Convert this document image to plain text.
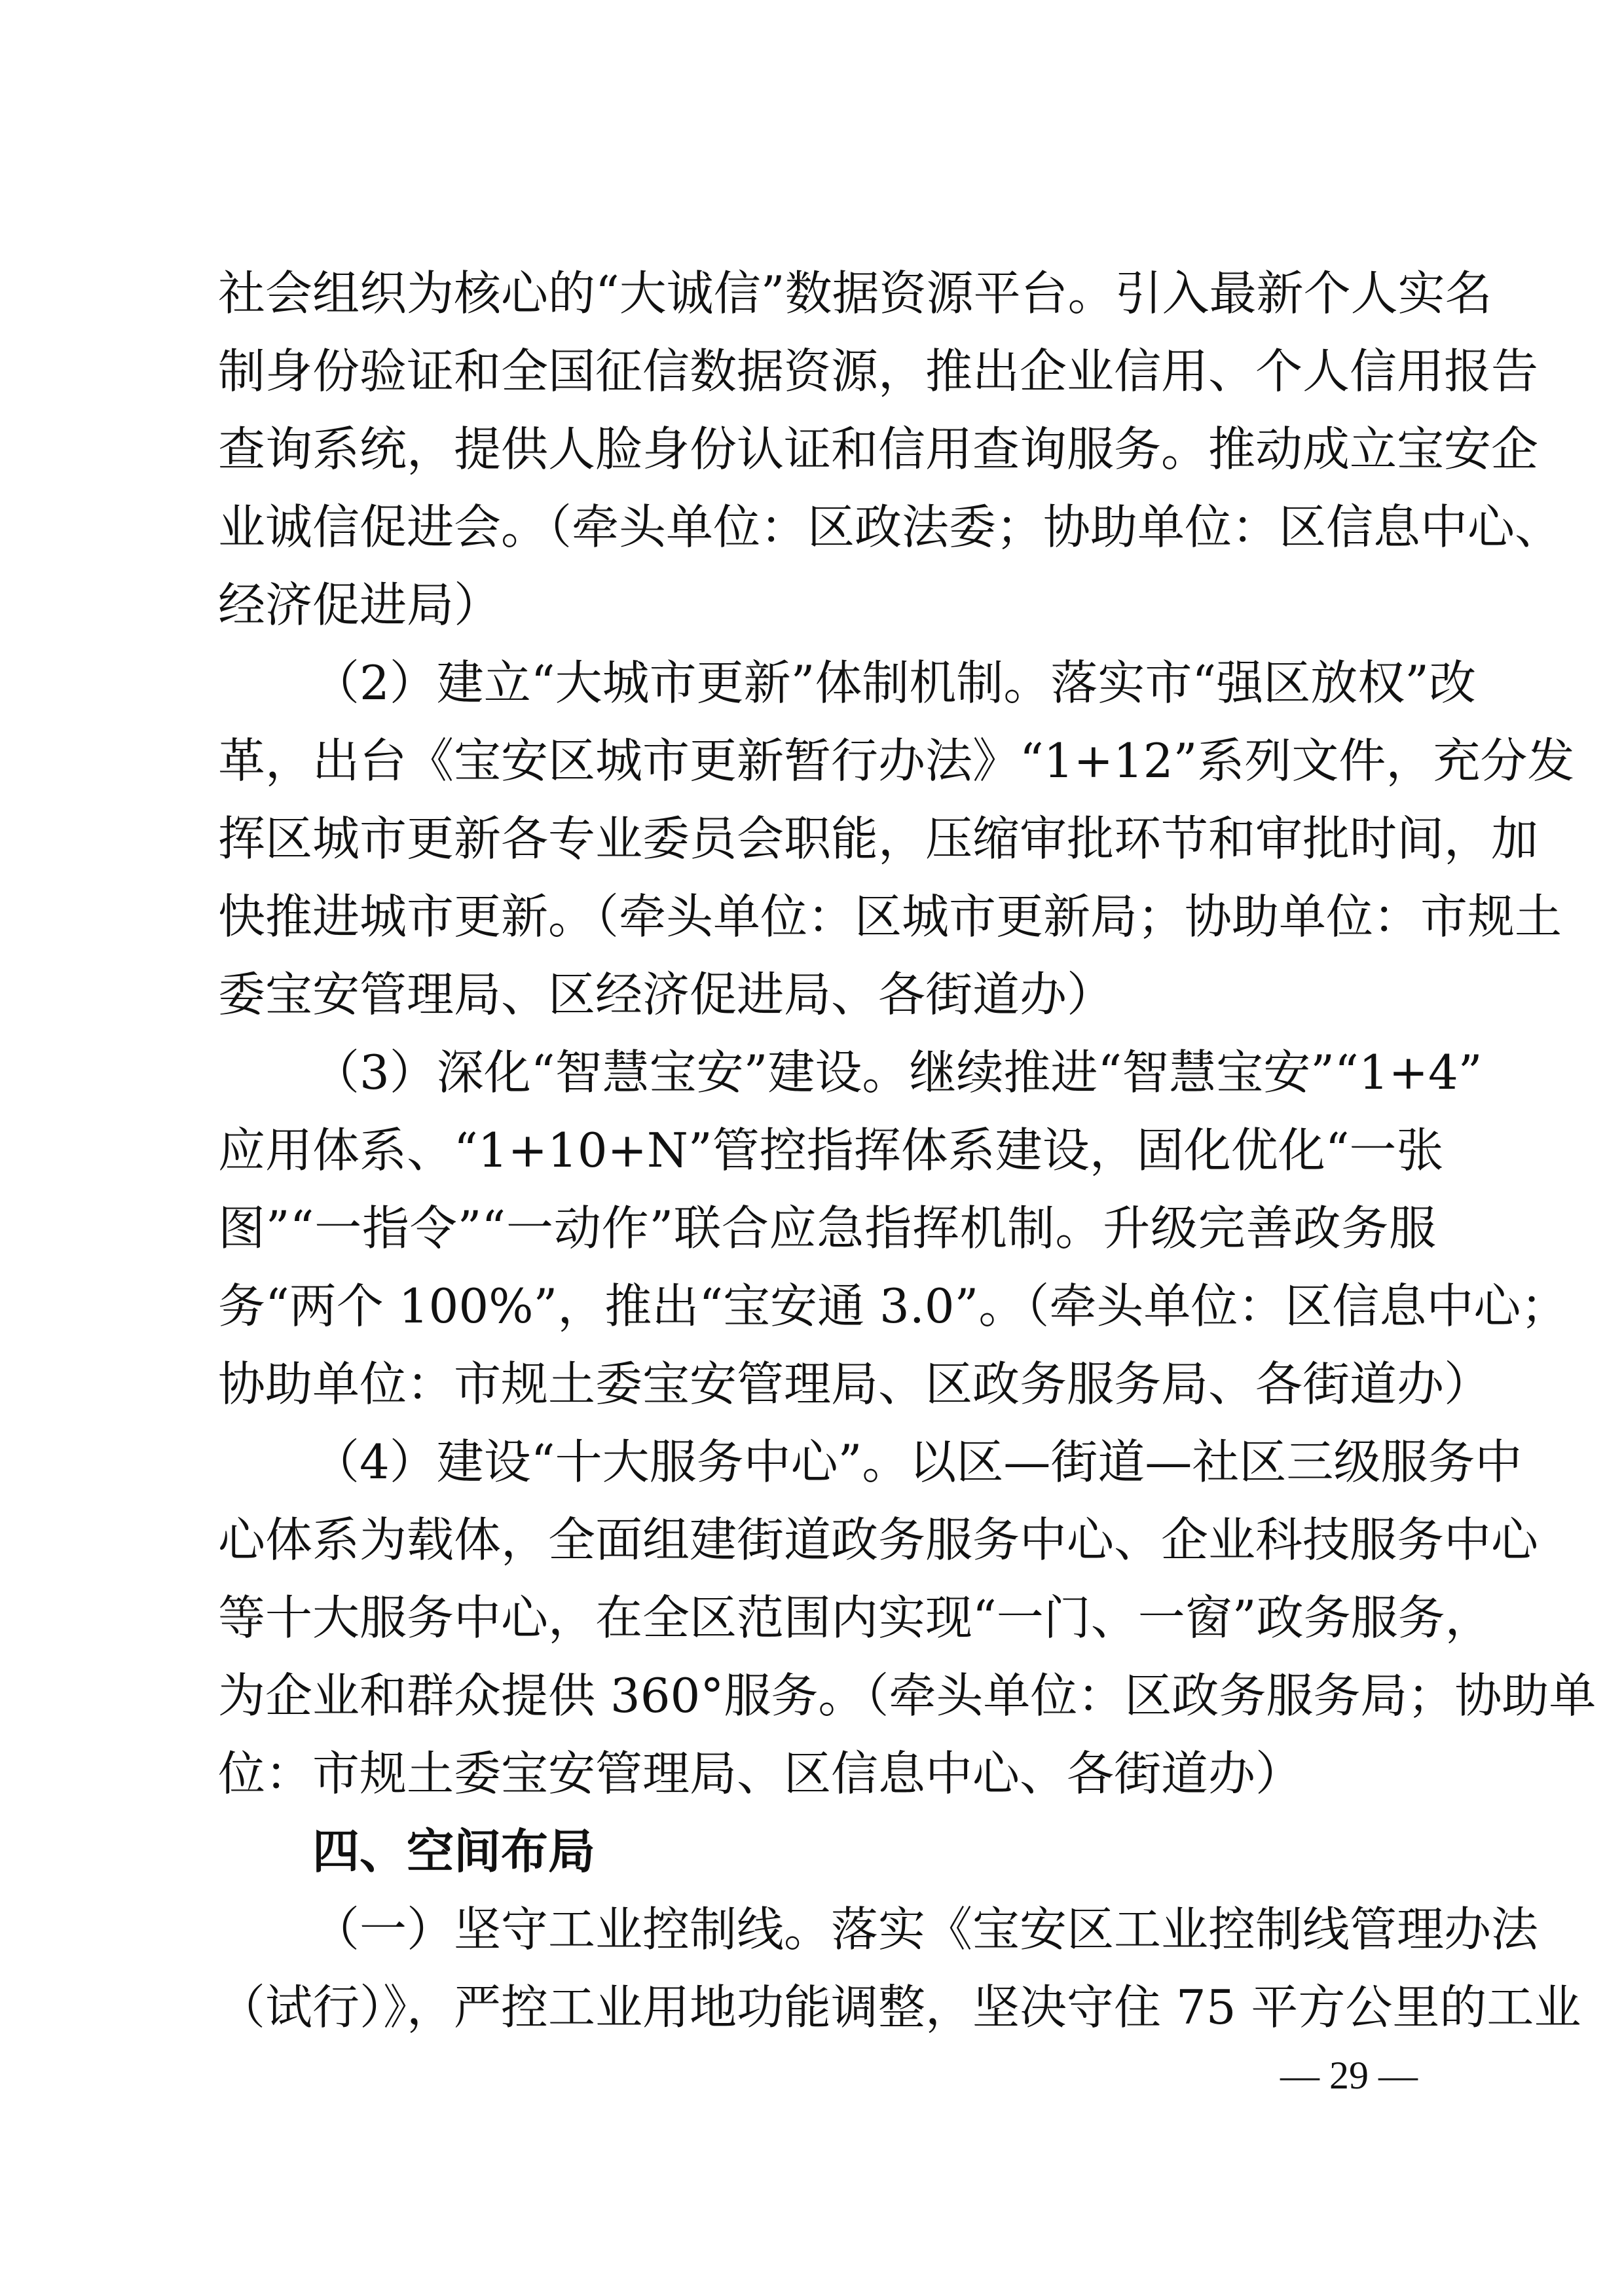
社会组织为核心的“大诚信”数据资源平台。引入最新个人实名
制身份验证和全国征信数据资源，推出企业信用、个人信用报告
查询系统，提供人脸身份认证和信用查询服务。推动成立宝安企
业诚信促进会。（牵头单位：区政法委；协助单位：区信息中心、
经济促进局）
（2）建立“大城市更新”体制机制。落实市“强区放权”改
革，出台《宝安区城市更新暂行办法》“1+12”系列文件，充分发
挥区城市更新各专业委员会职能，压缩审批环节和审批时间，加
快推进城市更新。（牵头单位：区城市更新局；协助单位：市规土
委宝安管理局、区经济促进局、各街道办）
（3）深化“智慧宝安”建设。继续推进“智慧宝安”“1+4”
应用体系、“1+10+N”管控指挥体系建设，固化优化“一张
图”“一指令”“一动作”联合应急指挥机制。升级完善政务服
务“两个 100%”，推出“宝安通 3.0”。（牵头单位：区信息中心；
协助单位：市规土委宝安管理局、区政务服务局、各街道办）
（4）建设“十大服务中心”。以区—街道—社区三级服务中
心体系为载体，全面组建街道政务服务中心、企业科技服务中心
等十大服务中心，在全区范围内实现“一门、一窗”政务服务，
为企业和群众提供 360°服务。（牵头单位：区政务服务局；协助单
位：市规土委宝安管理局、区信息中心、各街道办）
四、空间布局
（一）坚守工业控制线。落实《宝安区工业控制线管理办法
（试行）》，严控工业用地功能调整，坚决守住 75 平方公里的工业
— 29 —
